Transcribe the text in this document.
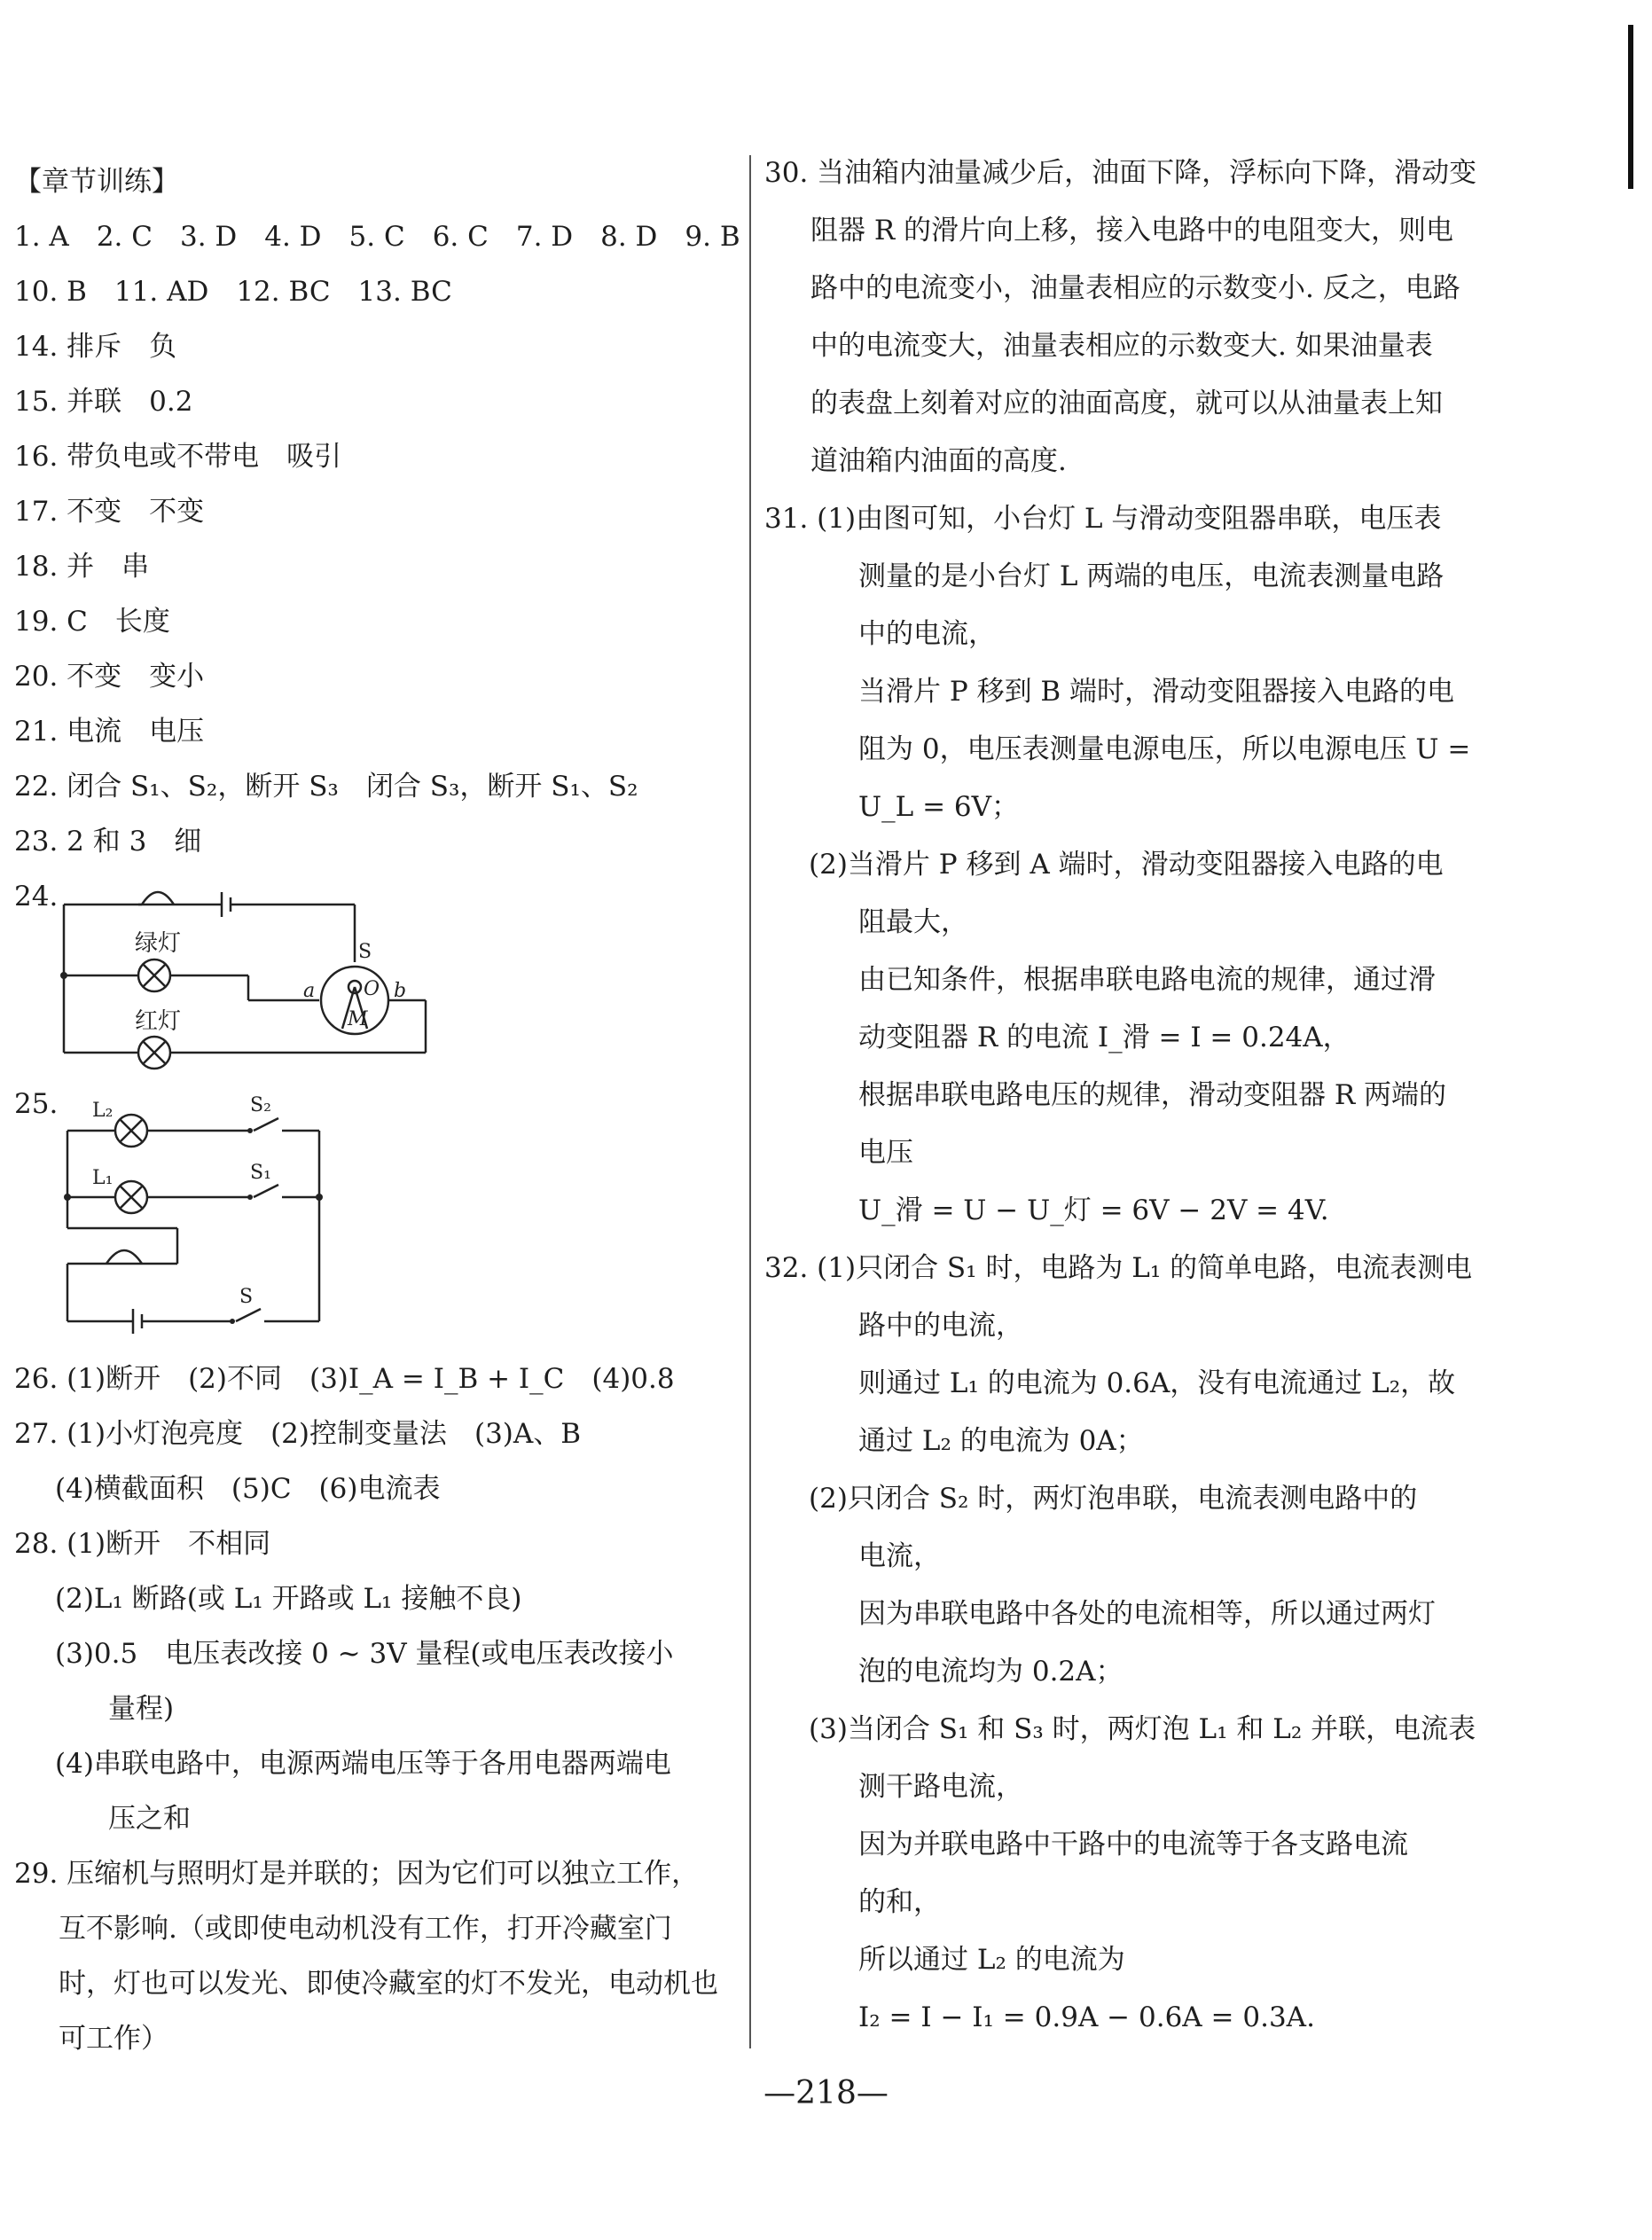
【章节训练】
1. A　2. C　3. D　4. D　5. C　6. C　7. D　8. D　9. B
10. B　11. AD　12. BC　13. BC
14. 排斥　负
15. 并联　0.2
16. 带负电或不带电　吸引
17. 不变　不变
18. 并　串
19. C　长度
20. 不变　变小
21. 电流　电压
22. 闭合 S₁、S₂，断开 S₃　闭合 S₃，断开 S₁、S₂
23. 2 和 3　细
24.
25.
26. (1)断开　(2)不同　(3)I_A = I_B + I_C　(4)0.8
27. (1)小灯泡亮度　(2)控制变量法　(3)A、B
(4)横截面积　(5)C　(6)电流表
28. (1)断开　不相同
(2)L₁ 断路(或 L₁ 开路或 L₁ 接触不良)
(3)0.5　电压表改接 0 ~ 3V 量程(或电压表改接小
量程)
(4)串联电路中，电源两端电压等于各用电器两端电
压之和
29. 压缩机与照明灯是并联的；因为它们可以独立工作，
互不影响.（或即使电动机没有工作，打开冷藏室门
时，灯也可以发光、即使冷藏室的灯不发光，电动机也
可工作）
绿灯
红灯
S
O
a	b
M
L₂
L₁
S₂
S₁
S
30. 当油箱内油量减少后，油面下降，浮标向下降，滑动变
阻器 R 的滑片向上移，接入电路中的电阻变大，则电
路中的电流变小，油量表相应的示数变小. 反之，电路
中的电流变大，油量表相应的示数变大. 如果油量表
的表盘上刻着对应的油面高度，就可以从油量表上知
道油箱内油面的高度.
31. (1)由图可知，小台灯 L 与滑动变阻器串联，电压表
测量的是小台灯 L 两端的电压，电流表测量电路
中的电流，
当滑片 P 移到 B 端时，滑动变阻器接入电路的电
阻为 0，电压表测量电源电压，所以电源电压 U =
U_L = 6V；
(2)当滑片 P 移到 A 端时，滑动变阻器接入电路的电
阻最大，
由已知条件，根据串联电路电流的规律，通过滑
动变阻器 R 的电流 I_滑 = I = 0.24A，
根据串联电路电压的规律，滑动变阻器 R 两端的
电压
U_滑 = U − U_灯 = 6V − 2V = 4V.
32. (1)只闭合 S₁ 时，电路为 L₁ 的简单电路，电流表测电
路中的电流，
则通过 L₁ 的电流为 0.6A，没有电流通过 L₂，故
通过 L₂ 的电流为 0A；
(2)只闭合 S₂ 时，两灯泡串联，电流表测电路中的
电流，
因为串联电路中各处的电流相等，所以通过两灯
泡的电流均为 0.2A；
(3)当闭合 S₁ 和 S₃ 时，两灯泡 L₁ 和 L₂ 并联，电流表
测干路电流，
因为并联电路中干路中的电流等于各支路电流
的和，
所以通过 L₂ 的电流为
I₂ = I − I₁ = 0.9A − 0.6A = 0.3A.
—218—
